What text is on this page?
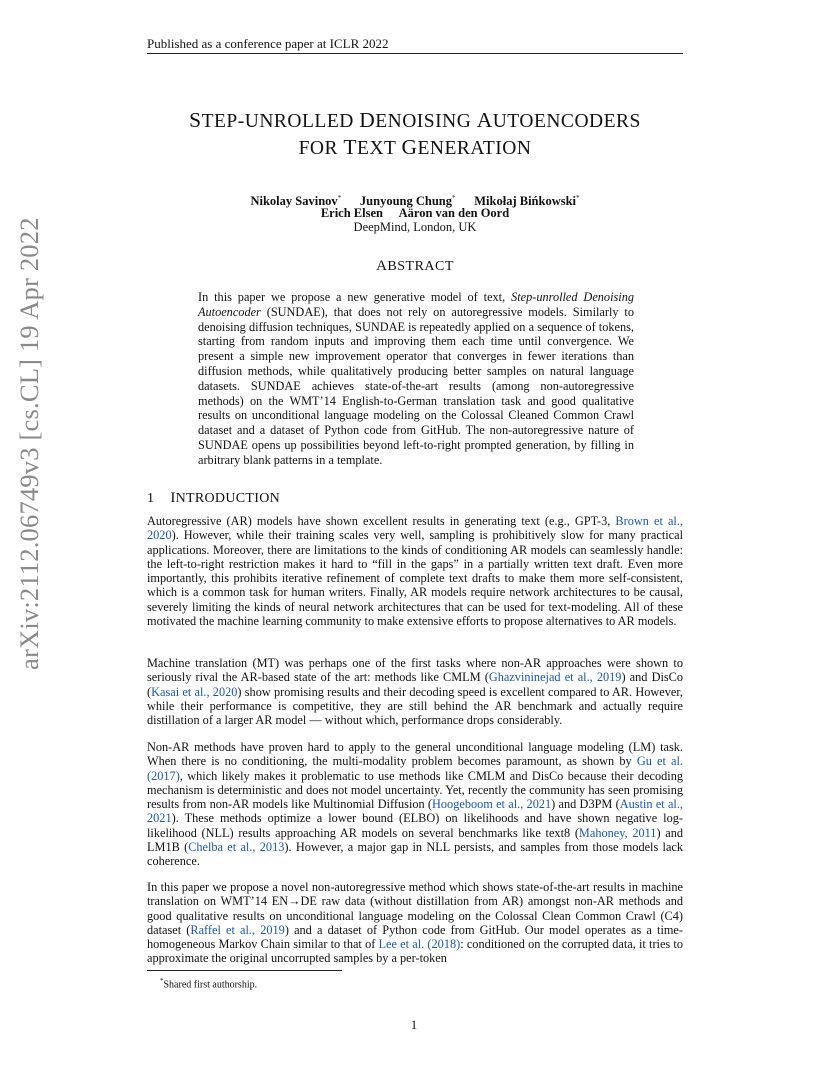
Published as a conference paper at ICLR 2022
arXiv:2112.06749v3 [cs.CL] 19 Apr 2022
STEP-UNROLLED DENOISING AUTOENCODERS
FOR TEXT GENERATION
Nikolay Savinov* Junyoung Chung* Mikołaj Bińkowski*
Erich Elsen Aäron van den Oord
DeepMind, London, UK
ABSTRACT
In this paper we propose a new generative model of text, Step-unrolled Denoising Autoencoder (SUNDAE), that does not rely on autoregressive models. Similarly to denoising diffusion techniques, SUNDAE is repeatedly applied on a sequence of tokens, starting from random inputs and improving them each time until convergence. We present a simple new improvement operator that converges in fewer iterations than diffusion methods, while qualitatively producing better samples on natural language datasets. SUNDAE achieves state-of-the-art results (among non-autoregressive methods) on the WMT’14 English-to-German translation task and good qualitative results on unconditional language modeling on the Colossal Cleaned Common Crawl dataset and a dataset of Python code from GitHub. The non-autoregressive nature of SUNDAE opens up possibilities beyond left-to-right prompted generation, by filling in arbitrary blank patterns in a template.
1 INTRODUCTION
Autoregressive (AR) models have shown excellent results in generating text (e.g., GPT-3, Brown et al., 2020). However, while their training scales very well, sampling is prohibitively slow for many practical applications. Moreover, there are limitations to the kinds of conditioning AR models can seamlessly handle: the left-to-right restriction makes it hard to “fill in the gaps” in a partially written text draft. Even more importantly, this prohibits iterative refinement of complete text drafts to make them more self-consistent, which is a common task for human writers. Finally, AR models require network architectures to be causal, severely limiting the kinds of neural network architectures that can be used for text-modeling. All of these motivated the machine learning community to make extensive efforts to propose alternatives to AR models.
Machine translation (MT) was perhaps one of the first tasks where non-AR approaches were shown to seriously rival the AR-based state of the art: methods like CMLM (Ghazvininejad et al., 2019) and DisCo (Kasai et al., 2020) show promising results and their decoding speed is excellent compared to AR. However, while their performance is competitive, they are still behind the AR benchmark and actually require distillation of a larger AR model — without which, performance drops considerably.
Non-AR methods have proven hard to apply to the general unconditional language modeling (LM) task. When there is no conditioning, the multi-modality problem becomes paramount, as shown by Gu et al. (2017), which likely makes it problematic to use methods like CMLM and DisCo because their decoding mechanism is deterministic and does not model uncertainty. Yet, recently the community has seen promising results from non-AR models like Multinomial Diffusion (Hoogeboom et al., 2021) and D3PM (Austin et al., 2021). These methods optimize a lower bound (ELBO) on likelihoods and have shown negative log-likelihood (NLL) results approaching AR models on several benchmarks like text8 (Mahoney, 2011) and LM1B (Chelba et al., 2013). However, a major gap in NLL persists, and samples from those models lack coherence.
In this paper we propose a novel non-autoregressive method which shows state-of-the-art results in machine translation on WMT’14 EN→DE raw data (without distillation from AR) amongst non-AR methods and good qualitative results on unconditional language modeling on the Colossal Clean Common Crawl (C4) dataset (Raffel et al., 2019) and a dataset of Python code from GitHub. Our model operates as a time-homogeneous Markov Chain similar to that of Lee et al. (2018): conditioned on the corrupted data, it tries to approximate the original uncorrupted samples by a per-token
*Shared first authorship.
1
